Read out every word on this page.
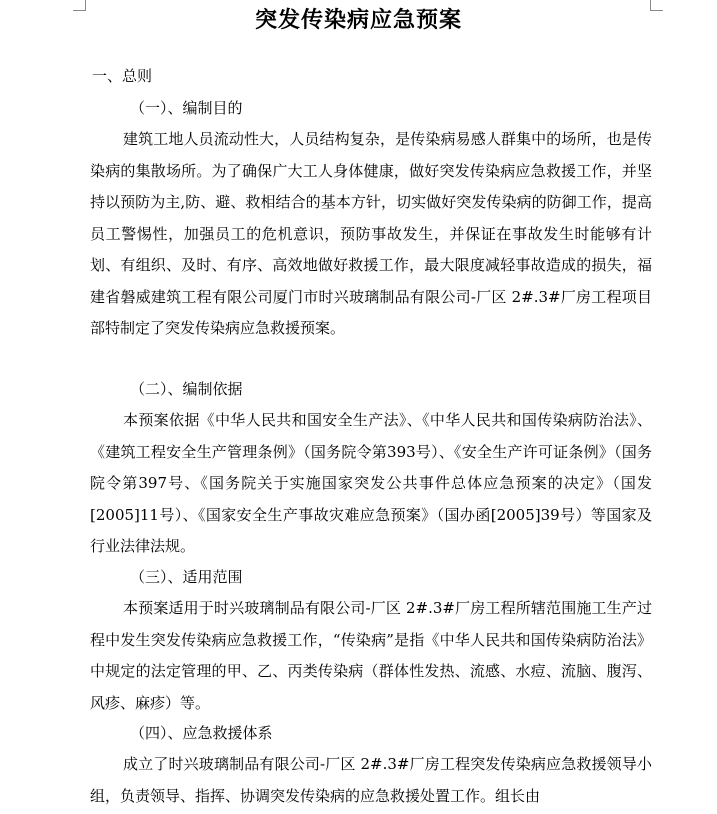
突发传染病应急预案
一、总则
（一）、编制目的
建筑工地人员流动性大，人员结构复杂，是传染病易感人群集中的场所，也是传染病的集散场所。为了确保广大工人身体健康，做好突发传染病应急救援工作，并坚持以预防为主,防、避、救相结合的基本方针，切实做好突发传染病的防御工作，提高员工警惕性，加强员工的危机意识，预防事故发生，并保证在事故发生时能够有计划、有组织、及时、有序、高效地做好救援工作，最大限度减轻事故造成的损失，福建省磐威建筑工程有限公司厦门市时兴玻璃制品有限公司-厂区 2#.3#厂房工程项目部特制定了突发传染病应急救援预案。
（二）、编制依据
本预案依据《中华人民共和国安全生产法》、《中华人民共和国传染病防治法》、《建筑工程安全生产管理条例》（国务院令第393号）、《安全生产许可证条例》（国务院令第397号、《国务院关于实施国家突发公共事件总体应急预案的决定》（国发[2005]11号）、《国家安全生产事故灾难应急预案》（国办函[2005]39号）等国家及行业法律法规。
（三）、适用范围
本预案适用于时兴玻璃制品有限公司-厂区 2#.3#厂房工程所辖范围施工生产过程中发生突发传染病应急救援工作，“传染病”是指《中华人民共和国传染病防治法》中规定的法定管理的甲、乙、丙类传染病（群体性发热、流感、水痘、流脑、腹泻、风疹、麻疹）等。
（四）、应急救援体系
成立了时兴玻璃制品有限公司-厂区 2#.3#厂房工程突发传染病应急救援领导小组，负责领导、指挥、协调突发传染病的应急救援处置工作。组长由
